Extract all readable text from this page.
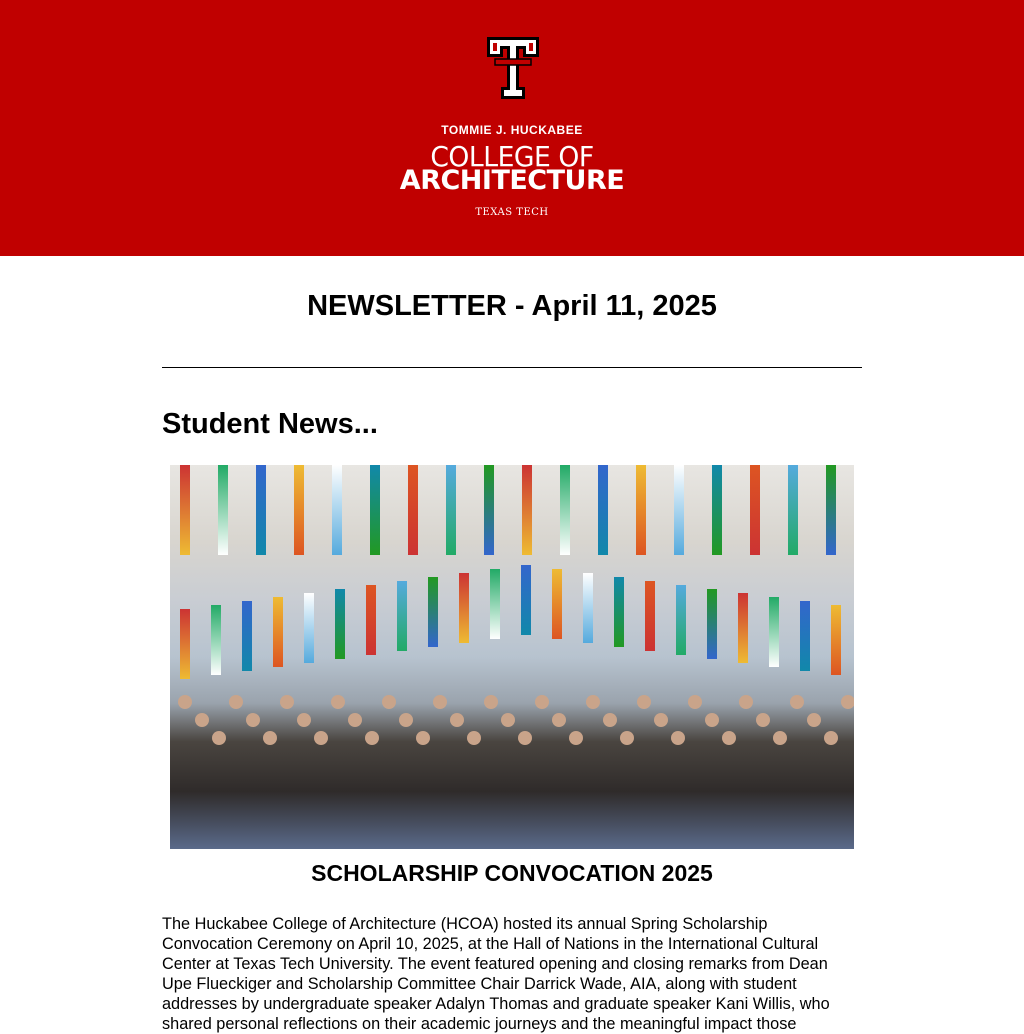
TOMMIE J. HUCKABEE
COLLEGE OF
ARCHITECTURE
TEXAS TECH
NEWSLETTER - April 11, 2025
Student News...
SCHOLARSHIP CONVOCATION 2025
The Huckabee College of Architecture (HCOA) hosted its annual Spring Scholarship Convocation Ceremony on April 10, 2025, at the Hall of Nations in the International Cultural Center at Texas Tech University. The event featured opening and closing remarks from Dean Upe Flueckiger and Scholarship Committee Chair Darrick Wade, AIA, along with student addresses by undergraduate speaker Adalyn Thomas and graduate speaker Kani Willis, who shared personal reflections on their academic journeys and the meaningful impact those
